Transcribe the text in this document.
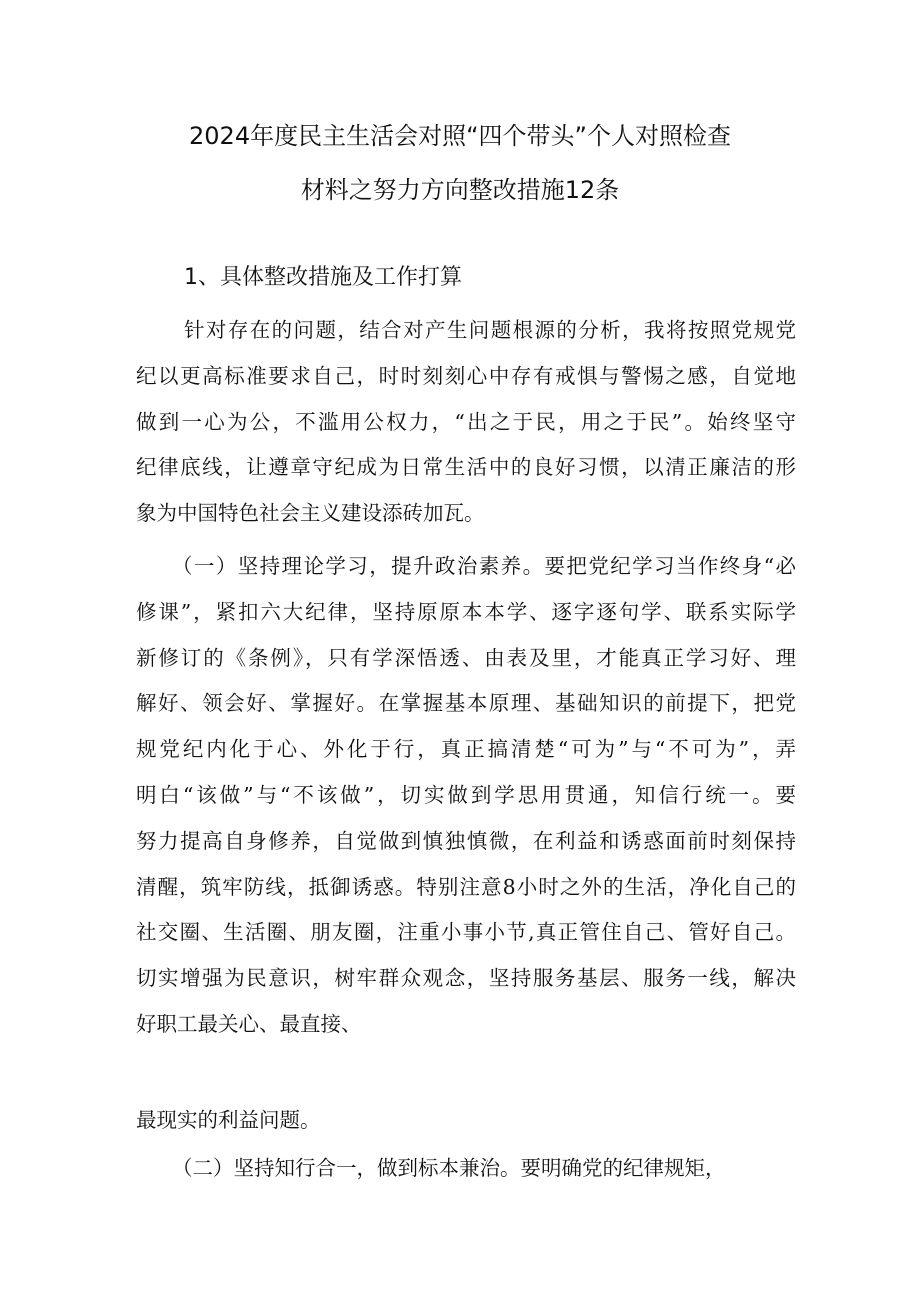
2024年度民主生活会对照“四个带头”个人对照检查
材料之努力方向整改措施12条
1、具体整改措施及工作打算
针对存在的问题，结合对产生问题根源的分析，我将按照党规党
纪以更高标准要求自己，时时刻刻心中存有戒惧与警惕之感，自觉地
做到一心为公，不滥用公权力，“出之于民，用之于民”。始终坚守
纪律底线，让遵章守纪成为日常生活中的良好习惯，以清正廉洁的形
象为中国特色社会主义建设添砖加瓦。
（一）坚持理论学习，提升政治素养。要把党纪学习当作终身“必
修课”，紧扣六大纪律，坚持原原本本学、逐字逐句学、联系实际学
新修订的《条例》，只有学深悟透、由表及里，才能真正学习好、理
解好、领会好、掌握好。在掌握基本原理、基础知识的前提下，把党
规党纪内化于心、外化于行，真正搞清楚“可为”与“不可为”，弄
明白“该做”与“不该做”，切实做到学思用贯通，知信行统一。要
努力提高自身修养，自觉做到慎独慎微，在利益和诱惑面前时刻保持
清醒，筑牢防线，抵御诱惑。特别注意8小时之外的生活，净化自己的
社交圈、生活圈、朋友圈，注重小事小节,真正管住自己、管好自己。
切实增强为民意识，树牢群众观念，坚持服务基层、服务一线，解决
好职工最关心、最直接、
最现实的利益问题。
（二）坚持知行合一，做到标本兼治。要明确党的纪律规矩，
